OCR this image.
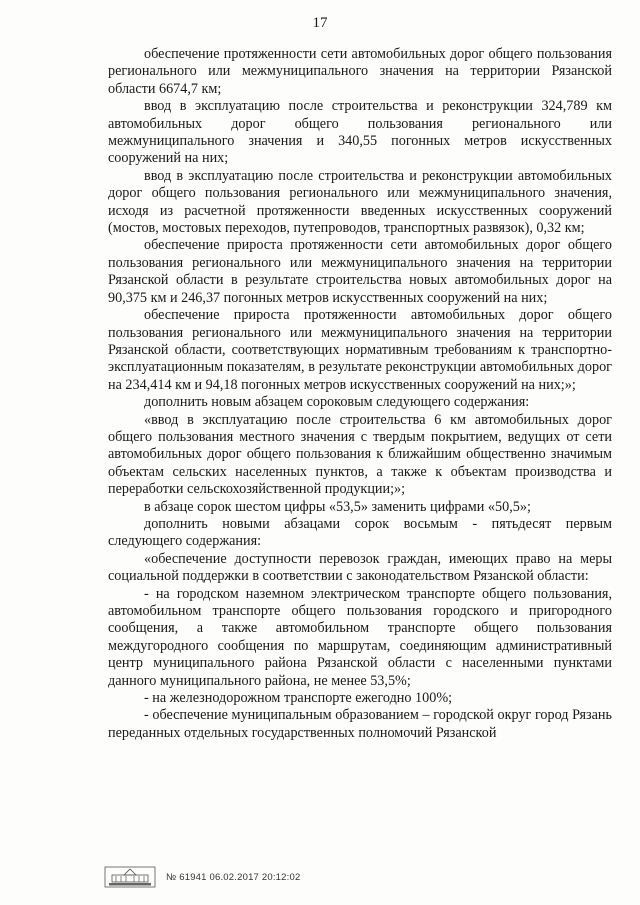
17

обеспечение протяженности сети автомобильных дорог общего пользования регионального или межмуниципального значения на территории Рязанской области 6674,7 км;

ввод в эксплуатацию после строительства и реконструкции 324,789 км автомобильных дорог общего пользования регионального или межмуниципального значения и 340,55 погонных метров искусственных сооружений на них;

ввод в эксплуатацию после строительства и реконструкции автомобильных дорог общего пользования регионального или межмуниципального значения, исходя из расчетной протяженности введенных искусственных сооружений (мостов, мостовых переходов, путепроводов, транспортных развязок), 0,32 км;

обеспечение прироста протяженности сети автомобильных дорог общего пользования регионального или межмуниципального значения на территории Рязанской области в результате строительства новых автомобильных дорог на 90,375 км и 246,37 погонных метров искусственных сооружений на них;

обеспечение прироста протяженности автомобильных дорог общего пользования регионального или межмуниципального значения на территории Рязанской области, соответствующих нормативным требованиям к транспортно-эксплуатационным показателям, в результате реконструкции автомобильных дорог на 234,414 км и 94,18 погонных метров искусственных сооружений на них;»;

дополнить новым абзацем сороковым следующего содержания:

«ввод в эксплуатацию после строительства 6 км автомобильных дорог общего пользования местного значения с твердым покрытием, ведущих от сети автомобильных дорог общего пользования к ближайшим общественно значимым объектам сельских населенных пунктов, а также к объектам производства и переработки сельскохозяйственной продукции;»;

в абзаце сорок шестом цифры «53,5» заменить цифрами «50,5»;

дополнить новыми абзацами сорок восьмым - пятьдесят первым следующего содержания:

«обеспечение доступности перевозок граждан, имеющих право на меры социальной поддержки в соответствии с законодательством Рязанской области:

- на городском наземном электрическом транспорте общего пользования, автомобильном транспорте общего пользования городского и пригородного сообщения, а также автомобильном транспорте общего пользования междугородного сообщения по маршрутам, соединяющим административный центр муниципального района Рязанской области с населенными пунктами данного муниципального района, не менее 53,5%;

- на железнодорожном транспорте ежегодно 100%;

- обеспечение муниципальным образованием – городской округ город Рязань переданных отдельных государственных полномочий Рязанской

№ 61941 06.02.2017 20:12:02
